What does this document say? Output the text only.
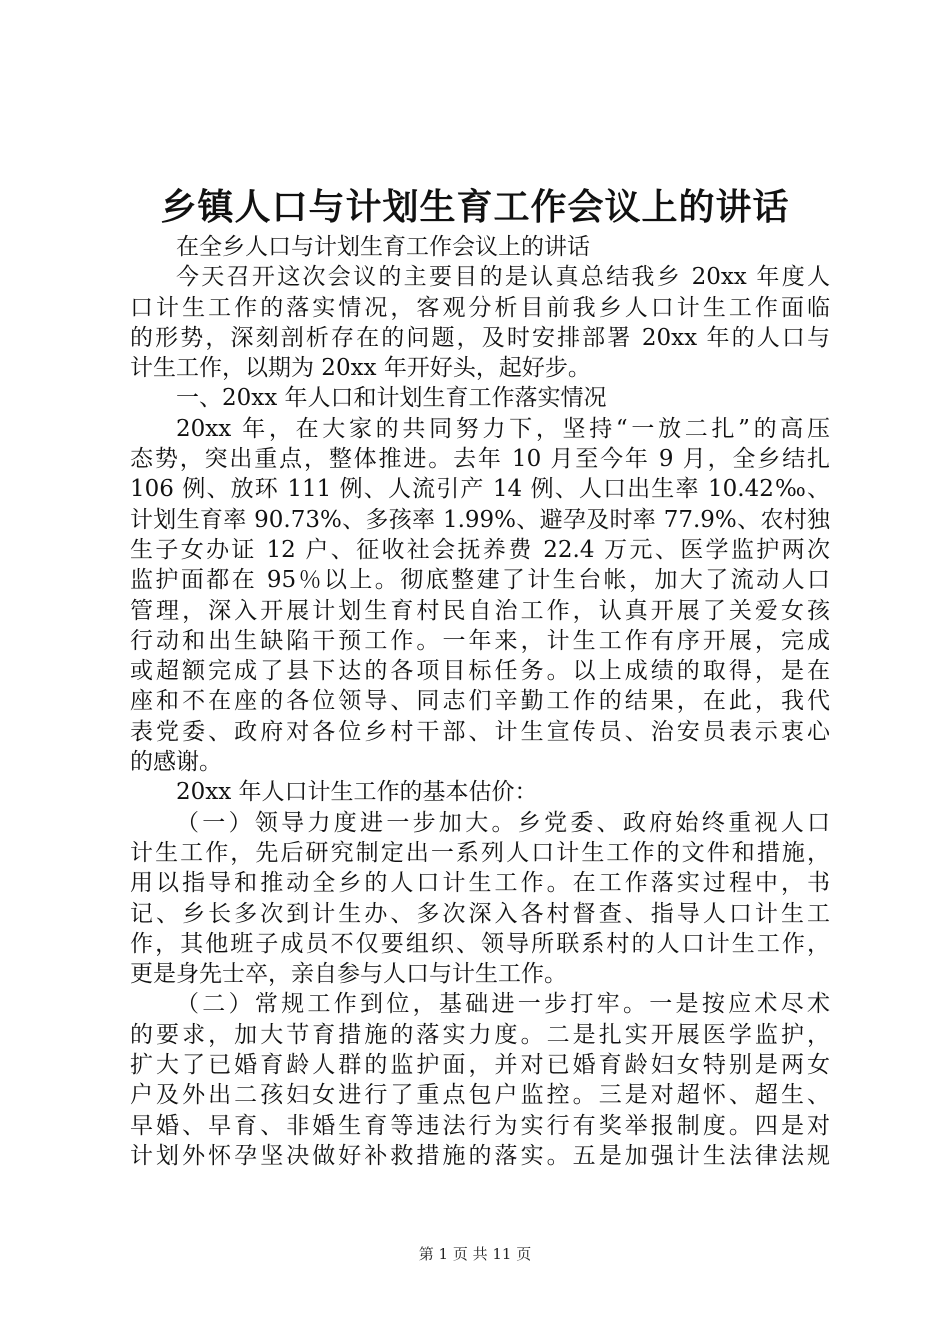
乡镇人口与计划生育工作会议上的讲话
在全乡人口与计划生育工作会议上的讲话
今天召开这次会议的主要目的是认真总结我乡 20xx 年度人
口计生工作的落实情况，客观分析目前我乡人口计生工作面临
的形势，深刻剖析存在的问题，及时安排部署 20xx 年的人口与
计生工作，以期为 20xx 年开好头，起好步。
一、20xx 年人口和计划生育工作落实情况
20xx 年，在大家的共同努力下，坚持“一放二扎”的高压
态势，突出重点，整体推进。去年 10 月至今年 9 月，全乡结扎
106 例、放环 111 例、人流引产 14 例、人口出生率 10.42‰、
计划生育率 90.73%、多孩率 1.99%、避孕及时率 77.9%、农村独
生子女办证 12 户、征收社会抚养费 22.4 万元、医学监护两次
监护面都在 95％以上。彻底整建了计生台帐，加大了流动人口
管理，深入开展计划生育村民自治工作，认真开展了关爱女孩
行动和出生缺陷干预工作。一年来，计生工作有序开展，完成
或超额完成了县下达的各项目标任务。以上成绩的取得，是在
座和不在座的各位领导、同志们辛勤工作的结果，在此，我代
表党委、政府对各位乡村干部、计生宣传员、治安员表示衷心
的感谢。
20xx 年人口计生工作的基本估价：
（一）领导力度进一步加大。乡党委、政府始终重视人口
计生工作，先后研究制定出一系列人口计生工作的文件和措施，
用以指导和推动全乡的人口计生工作。在工作落实过程中，书
记、乡长多次到计生办、多次深入各村督查、指导人口计生工
作，其他班子成员不仅要组织、领导所联系村的人口计生工作，
更是身先士卒，亲自参与人口与计生工作。
（二）常规工作到位，基础进一步打牢。一是按应术尽术
的要求，加大节育措施的落实力度。二是扎实开展医学监护，
扩大了已婚育龄人群的监护面，并对已婚育龄妇女特别是两女
户及外出二孩妇女进行了重点包户监控。三是对超怀、超生、
早婚、早育、非婚生育等违法行为实行有奖举报制度。四是对
计划外怀孕坚决做好补救措施的落实。五是加强计生法律法规
第 1 页 共 11 页
